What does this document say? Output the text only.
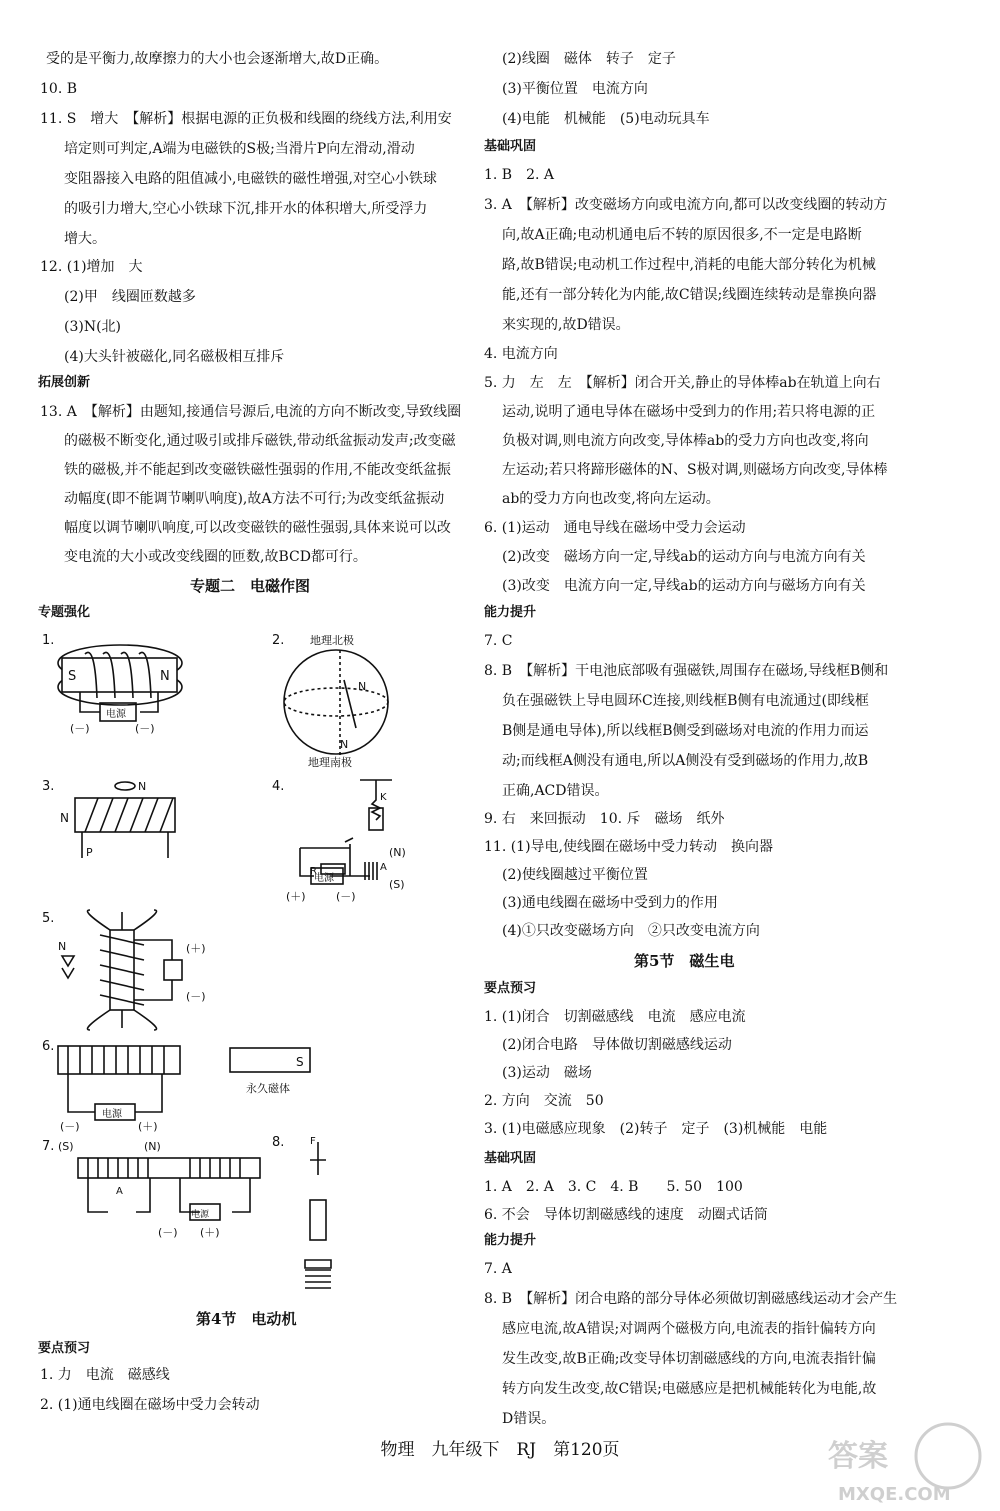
受的是平衡力,故摩擦力的大小也会逐渐增大,故D正确。
10. B
11. S　增大　【解析】根据电源的正负极和线圈的绕线方法,利用安
培定则可判定,A端为电磁铁的S极;当滑片P向左滑动,滑动
变阻器接入电路的阻值减小,电磁铁的磁性增强,对空心小铁球
的吸引力增大,空心小铁球下沉,排开水的体积增大,所受浮力
增大。
12. (1)增加　大
(2)甲　线圈匝数越多
(3)N(北)
(4)大头针被磁化,同名磁极相互排斥
拓展创新
13. A　【解析】由题知,接通信号源后,电流的方向不断改变,导致线圈
的磁极不断变化,通过吸引或排斥磁铁,带动纸盆振动发声;改变磁
铁的磁极,并不能起到改变磁铁磁性强弱的作用,不能改变纸盆振
动幅度(即不能调节喇叭响度),故A方法不可行;为改变纸盆振动
幅度以调节喇叭响度,可以改变磁铁的磁性强弱,具体来说可以改
变电流的大小或改变线圈的匝数,故BCD都可行。
专题二　电磁作图
专题强化
第4节　电动机
要点预习
1. 力　电流　磁感线
2. (1)通电线圈在磁场中受力会转动
1.
S	N
电源
(－)	(－)
2. 地理北极
N
N
地理南极
3.	N
N
P
4.
K
R	A
(N)
(S)
电源
(＋)	(－)
5.
N	(＋)
(－)
6.
S
永久磁体
电源
(－)	(＋)
7. (S)	(N)
A
电源
(－) (＋)
8.	F
(2)线圈　磁体　转子　定子
(3)平衡位置　电流方向
(4)电能　机械能　(5)电动玩具车
基础巩固
1. B　2. A
3. A　【解析】改变磁场方向或电流方向,都可以改变线圈的转动方
向,故A正确;电动机通电后不转的原因很多,不一定是电路断
路,故B错误;电动机工作过程中,消耗的电能大部分转化为机械
能,还有一部分转化为内能,故C错误;线圈连续转动是靠换向器
来实现的,故D错误。
4. 电流方向
5. 力　左　左　【解析】闭合开关,静止的导体棒ab在轨道上向右
运动,说明了通电导体在磁场中受到力的作用;若只将电源的正
负极对调,则电流方向改变,导体棒ab的受力方向也改变,将向
左运动;若只将蹄形磁体的N、S极对调,则磁场方向改变,导体棒
ab的受力方向也改变,将向左运动。
6. (1)运动　通电导线在磁场中受力会运动
(2)改变　磁场方向一定,导线ab的运动方向与电流方向有关
(3)改变　电流方向一定,导线ab的运动方向与磁场方向有关
能力提升
7. C
8. B　【解析】干电池底部吸有强磁铁,周围存在磁场,导线框B侧和
负在强磁铁上导电圆环C连接,则线框B侧有电流通过(即线框
B侧是通电导体),所以线框B侧受到磁场对电流的作用力而运
动;而线框A侧没有通电,所以A侧没有受到磁场的作用力,故B
正确,ACD错误。
9. 右　来回振动　10. 斥　磁场　纸外
11. (1)导电,使线圈在磁场中受力转动　换向器
(2)使线圈越过平衡位置
(3)通电线圈在磁场中受到力的作用
(4)①只改变磁场方向　②只改变电流方向
第5节　磁生电
要点预习
1. (1)闭合　切割磁感线　电流　感应电流
(2)闭合电路　导体做切割磁感线运动
(3)运动　磁场
2. 方向　交流　50
3. (1)电磁感应现象　(2)转子　定子　(3)机械能　电能
基础巩固
1. A　2. A　3. C　4. B　　5. 50　100
6. 不会　导体切割磁感线的速度　动圈式话筒
能力提升
7. A
8. B　【解析】闭合电路的部分导体必须做切割磁感线运动才会产生
感应电流,故A错误;对调两个磁极方向,电流表的指针偏转方向
发生改变,故B正确;改变导体切割磁感线的方向,电流表指针偏
转方向发生改变,故C错误;电磁感应是把机械能转化为电能,故
D错误。
物理　九年级下　RJ　第120页	答案
MXQE.COM
